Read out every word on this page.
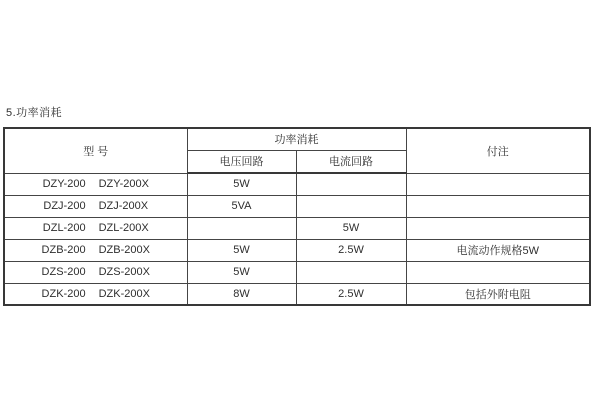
5.功率消耗
型 号	功率消耗		付注
	电压回路	电流回路	
DZY-200 DZY-200X	5W		
DZJ-200 DZJ-200X	5VA		
DZL-200 DZL-200X		5W	
DZB-200 DZB-200X	5W	2.5W	电流动作规格5W
DZS-200 DZS-200X	5W		
DZK-200 DZK-200X	8W	2.5W	包括外附电阻
